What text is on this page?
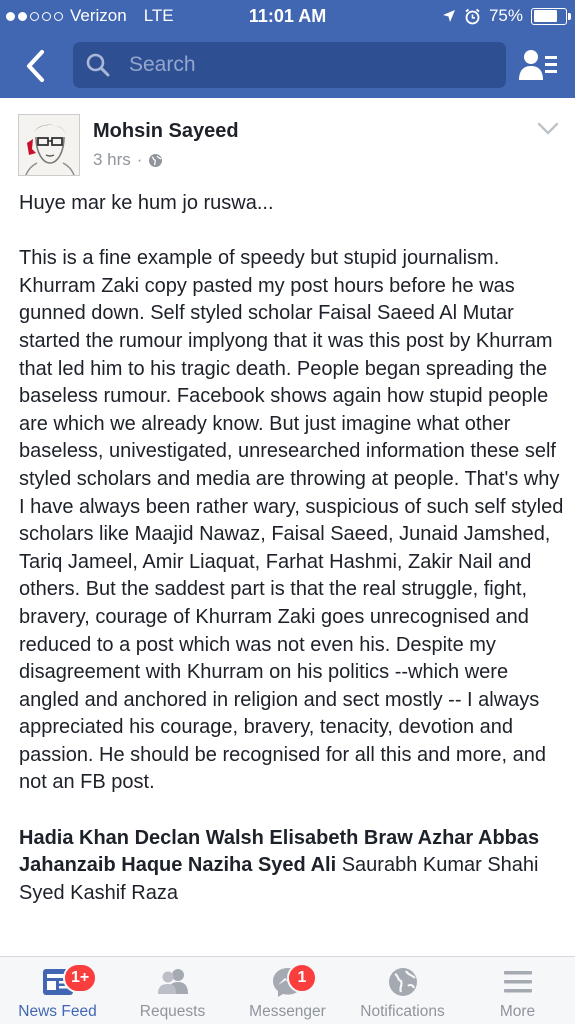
Verizon LTE	11:01 AM	75%
Search
Mohsin Sayeed
3 hrs ·

Huye mar ke hum jo ruswa...

This is a fine example of speedy but stupid journalism. Khurram Zaki copy pasted my post hours before he was gunned down. Self styled scholar Faisal Saeed Al Mutar started the rumour implyong that it was this post by Khurram that led him to his tragic death. People began spreading the baseless rumour. Facebook shows again how stupid people are which we already know. But just imagine what other baseless, univestigated, unresearched information these self styled scholars and media are throwing at people. That's why I have always been rather wary, suspicious of such self styled scholars like Maajid Nawaz, Faisal Saeed, Junaid Jamshed, Tariq Jameel, Amir Liaquat, Farhat Hashmi, Zakir Nail and others. But the saddest part is that the real struggle, fight, bravery, courage of Khurram Zaki goes unrecognised and reduced to a post which was not even his. Despite my disagreement with Khurram on his politics --which were angled and anchored in religion and sect mostly -- I always appreciated his courage, bravery, tenacity, devotion and passion. He should be recognised for all this and more, and not an FB post.

Hadia Khan Declan Walsh Elisabeth Braw Azhar Abbas Jahanzaib Haque Naziha Syed Ali Saurabh Kumar Shahi Syed Kashif Raza
1+
News Feed	Requests
1
Messenger	Notifications	More
